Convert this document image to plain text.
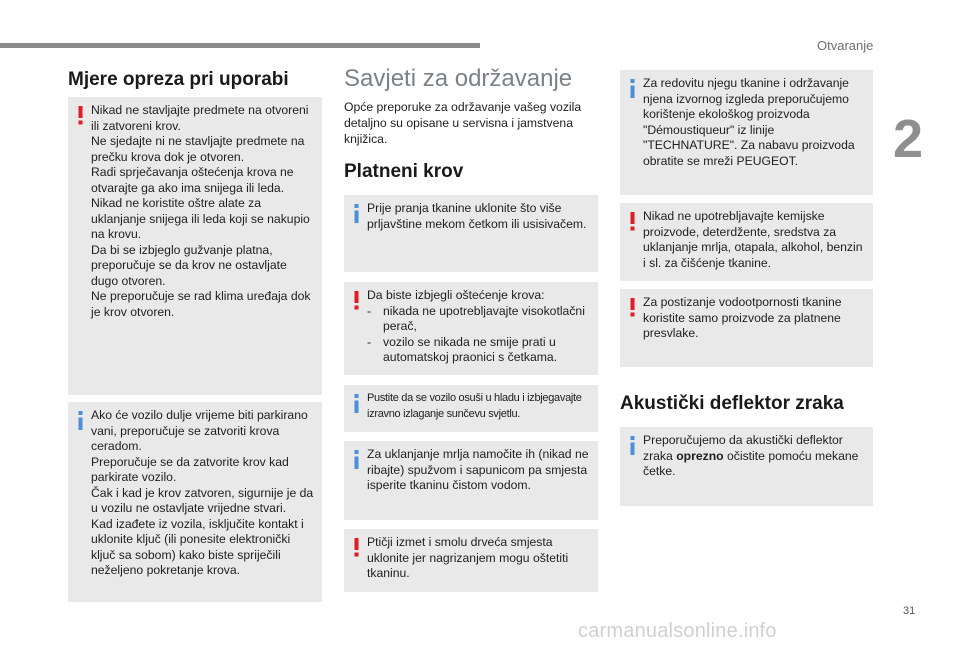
Otvaranje
2
Mjere opreza pri uporabi

Nikad ne stavljajte predmete na otvoreni ili zatvoreni krov.

Ne sjedajte ni ne stavljajte predmete na prečku krova dok je otvoren.

Radi sprječavanja oštećenja krova ne otvarajte ga ako ima snijega ili leda.

Nikad ne koristite oštre alate za uklanjanje snijega ili leda koji se nakupio na krovu.

Da bi se izbjeglo gužvanje platna, preporučuje se da krov ne ostavljate dugo otvoren.

Ne preporučuje se rad klima uređaja dok je krov otvoren.

Ako će vozilo dulje vrijeme biti parkirano vani, preporučuje se zatvoriti krova ceradom.

Preporučuje se da zatvorite krov kad parkirate vozilo.

Čak i kad je krov zatvoren, sigurnije je da u vozilu ne ostavljate vrijedne stvari.

Kad izađete iz vozila, isključite kontakt i uklonite ključ (ili ponesite elektronički ključ sa sobom) kako biste spriječili neželjeno pokretanje krova.

Savjeti za održavanje

Opće preporuke za održavanje vašeg vozila detaljno su opisane u servisna i jamstvena knjižica.

Platneni krov

Prije pranja tkanine uklonite što više prljavštine mekom četkom ili usisivačem.

Da biste izbjegli oštećenje krova:

- nikada ne upotrebljavajte visokotlačni perač,
- vozilo se nikada ne smije prati u automatskoj praonici s četkama.

Pustite da se vozilo osuši u hladu i izbjegavajte izravno izlaganje sunčevu svjetlu.

Za uklanjanje mrlja namočite ih (nikad ne ribajte) spužvom i sapunicom pa smjesta isperite tkaninu čistom vodom.

Ptičji izmet i smolu drveća smjesta uklonite jer nagrizanjem mogu oštetiti tkaninu.

Za redovitu njegu tkanine i održavanje njena izvornog izgleda preporučujemo korištenje ekološkog proizvoda "Démoustiqueur" iz linije "TECHNATURE". Za nabavu proizvoda obratite se mreži PEUGEOT.

Nikad ne upotrebljavajte kemijske proizvode, deterdžente, sredstva za uklanjanje mrlja, otapala, alkohol, benzin i sl. za čišćenje tkanine.

Za postizanje vodootpornosti tkanine koristite samo proizvode za platnene presvlake.

Akustički deflektor zraka

Preporučujemo da akustički deflektor zraka oprezno očistite pomoću mekane četke.

31
carmanualsonline.info
